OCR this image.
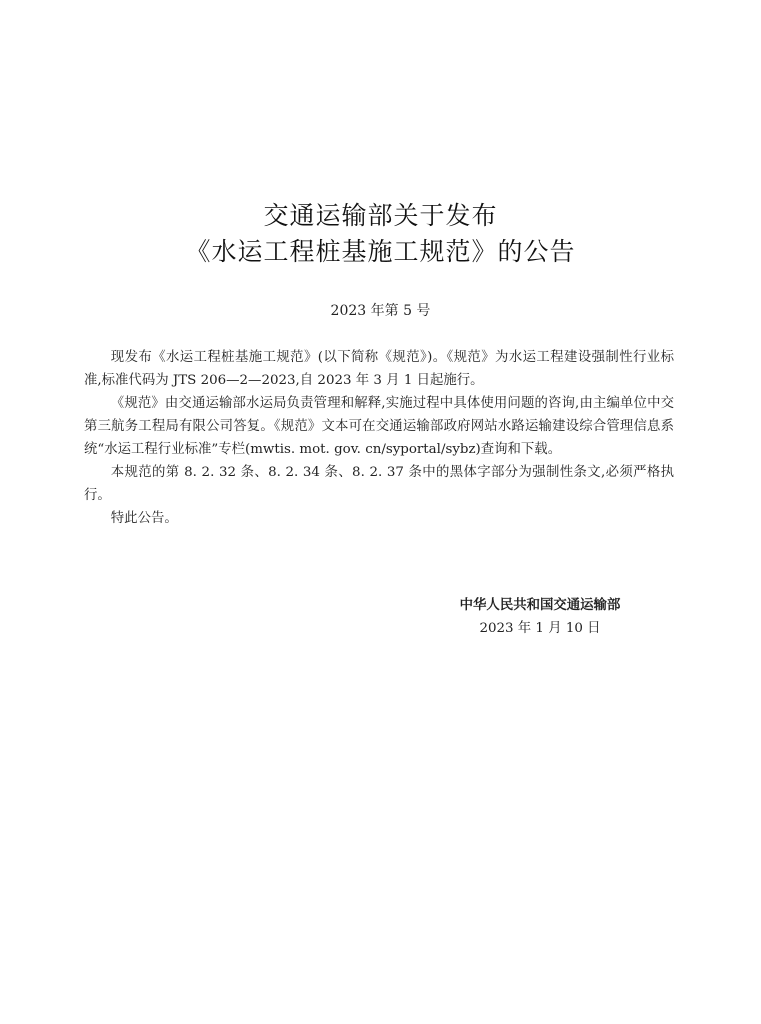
交通运输部关于发布
《水运工程桩基施工规范》的公告
2023 年第 5 号

现发布《水运工程桩基施工规范》(以下简称《规范》)。《规范》为水运工程建设强制性行业标准,标准代码为 JTS 206—2—2023,自 2023 年 3 月 1 日起施行。

《规范》由交通运输部水运局负责管理和解释,实施过程中具体使用问题的咨询,由主编单位中交第三航务工程局有限公司答复。《规范》文本可在交通运输部政府网站水路运输建设综合管理信息系统“水运工程行业标准”专栏(mwtis. mot. gov. cn/syportal/sybz)查询和下载。

本规范的第 8. 2. 32 条、8. 2. 34 条、8. 2. 37 条中的黑体字部分为强制性条文,必须严格执行。

特此公告。

中华人民共和国交通运输部
2023 年 1 月 10 日
